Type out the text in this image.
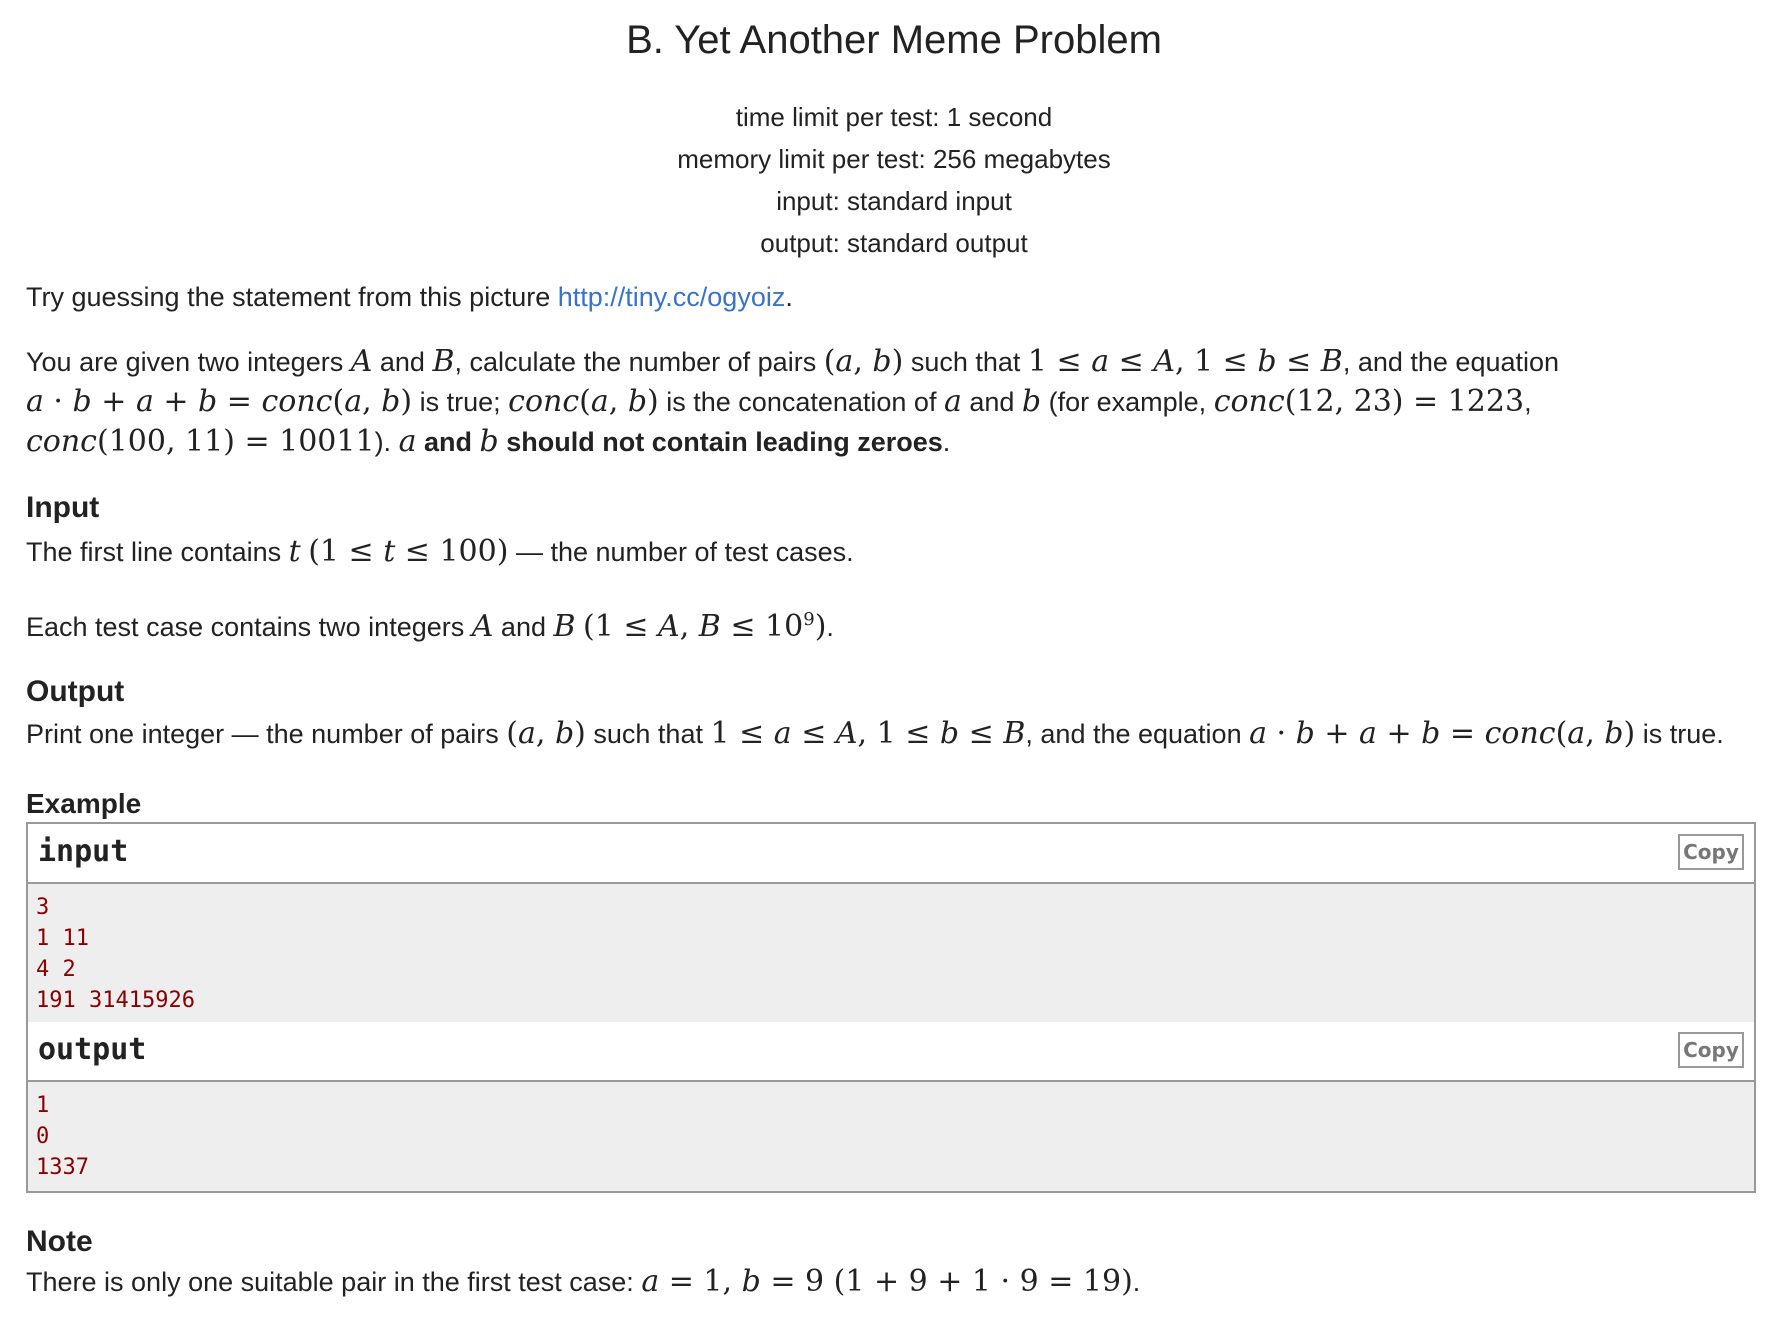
B. Yet Another Meme Problem
time limit per test: 1 second
memory limit per test: 256 megabytes
input: standard input
output: standard output

Try guessing the statement from this picture http://tiny.cc/ogyoiz.

You are given two integers A and B, calculate the number of pairs (a, b) such that 1 ≤ a ≤ A, 1 ≤ b ≤ B, and the equation
a · b + a + b = conc(a, b) is true; conc(a, b) is the concatenation of a and b (for example, conc(12, 23) = 1223,
conc(100, 11) = 10011). a and b should not contain leading zeroes.
Input
The first line contains t (1 ≤ t ≤ 100) — the number of test cases.
Each test case contains two integers A and B (1 ≤ A, $B \le 10^9$).
Output
Print one integer — the number of pairs (a, b) such that 1 ≤ a ≤ A, 1 ≤ b ≤ B, and the equation a · b + a + b = conc(a, b) is true.
Example
input	Copy
3
1 11
4 2
191 31415926
output	Copy
1
0
1337
Note
There is only one suitable pair in the first test case: a = 1, b = 9 (1 + 9 + 1 · 9 = 19).
